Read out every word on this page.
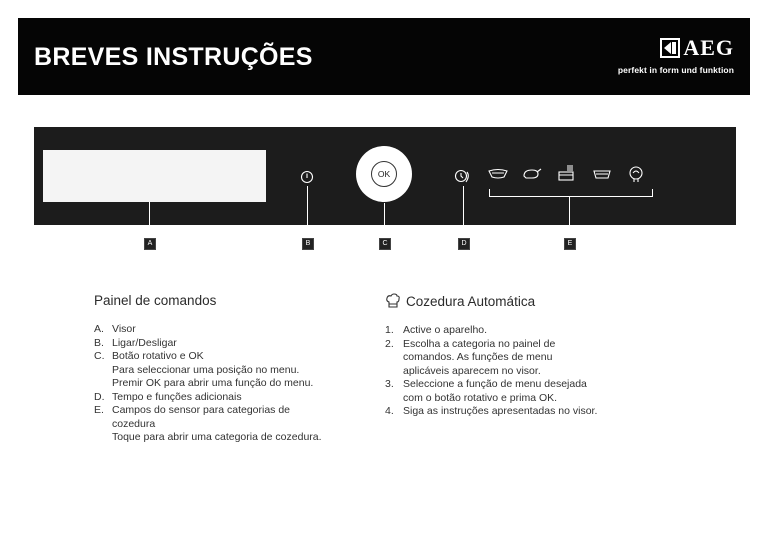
BREVES INSTRUÇÕES	AEG
perfekt in form und funktion
OK
A	B	C	D	E
Painel de comandos
A. Visor
B. Ligar/Desligar
C. Botão rotativo e OK
Para seleccionar uma posição no menu.
Premir OK para abrir uma função do menu.
D. Tempo e funções adicionais
E. Campos do sensor para categorias de
cozedura
Toque para abrir uma categoria de cozedura.
Cozedura Automática
1. Active o aparelho.
2. Escolha a categoria no painel de
comandos. As funções de menu
aplicáveis aparecem no visor.
3. Seleccione a função de menu desejada
com o botão rotativo e prima OK.
4. Siga as instruções apresentadas no visor.
